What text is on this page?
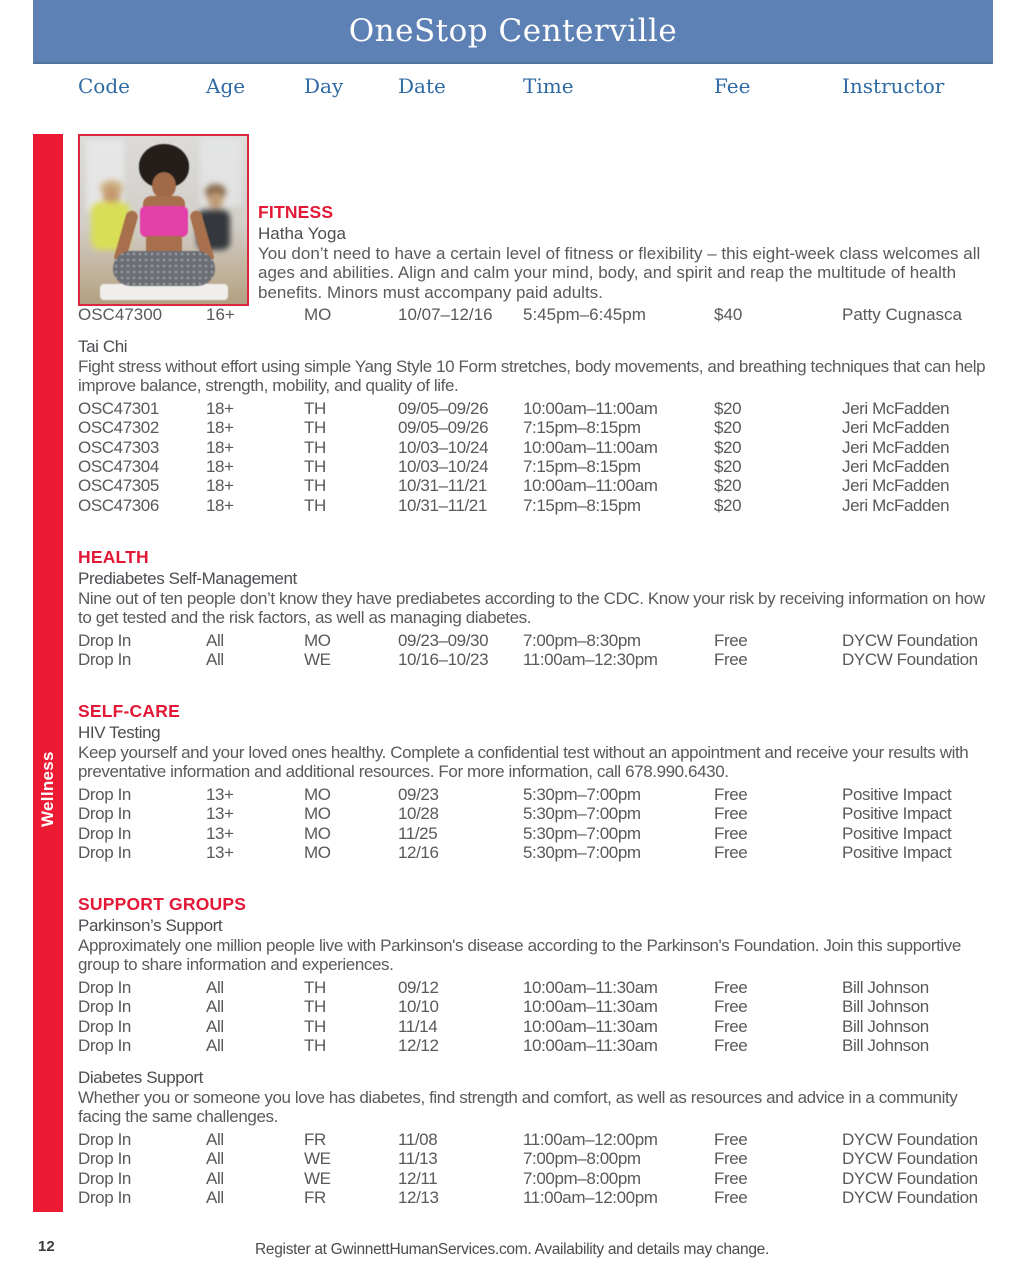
OneStop Centerville
Code	Age	Day	Date	Time	Fee	Instructor
Wellness
FITNESS
Hatha Yoga
You don’t need to have a certain level of fitness or flexibility – this eight-week class welcomes all ages and abilities. Align and calm your mind, body, and spirit and reap the multitude of health benefits. Minors must accompany paid adults.
OSC47300	16+	MO	10/07–12/16 5:45pm–6:45pm	$40	Patty Cugnasca
Tai Chi
Fight stress without effort using simple Yang Style 10 Form stretches, body movements, and breathing techniques that can help improve balance, strength, mobility, and quality of life.
OSC47301	18+	TH	09/05–09/26 10:00am–11:00am	$20	Jeri McFadden
OSC47302	18+	TH	09/05–09/26 7:15pm–8:15pm	$20	Jeri McFadden
OSC47303	18+	TH	10/03–10/24 10:00am–11:00am	$20	Jeri McFadden
OSC47304	18+	TH	10/03–10/24 7:15pm–8:15pm	$20	Jeri McFadden
OSC47305	18+	TH	10/31–11/21 10:00am–11:00am	$20	Jeri McFadden
OSC47306	18+	TH	10/31–11/21 7:15pm–8:15pm	$20	Jeri McFadden
HEALTH
Prediabetes Self-Management
Nine out of ten people don’t know they have prediabetes according to the CDC. Know your risk by receiving information on how to get tested and the risk factors, as well as managing diabetes.
Drop In	All	MO	09/23–09/30 7:00pm–8:30pm	Free	DYCW Foundation
Drop In	All	WE	10/16–10/23 11:00am–12:30pm	Free	DYCW Foundation
SELF-CARE
HIV Testing
Keep yourself and your loved ones healthy. Complete a confidential test without an appointment and receive your results with preventative information and additional resources. For more information, call 678.990.6430.
Drop In	13+	MO	09/23	5:30pm–7:00pm	Free	Positive Impact
Drop In	13+	MO	10/28	5:30pm–7:00pm	Free	Positive Impact
Drop In	13+	MO	11/25	5:30pm–7:00pm	Free	Positive Impact
Drop In	13+	MO	12/16	5:30pm–7:00pm	Free	Positive Impact
SUPPORT GROUPS
Parkinson’s Support
Approximately one million people live with Parkinson's disease according to the Parkinson's Foundation. Join this supportive group to share information and experiences.
Drop In	All	TH	09/12	10:00am–11:30am	Free	Bill Johnson
Drop In	All	TH	10/10	10:00am–11:30am	Free	Bill Johnson
Drop In	All	TH	11/14	10:00am–11:30am	Free	Bill Johnson
Drop In	All	TH	12/12	10:00am–11:30am	Free	Bill Johnson
Diabetes Support
Whether you or someone you love has diabetes, find strength and comfort, as well as resources and advice in a community facing the same challenges.
Drop In	All	FR	11/08	11:00am–12:00pm	Free	DYCW Foundation
Drop In	All	WE	11/13	7:00pm–8:00pm	Free	DYCW Foundation
Drop In	All	WE	12/11	7:00pm–8:00pm	Free	DYCW Foundation
Drop In	All	FR	12/13	11:00am–12:00pm	Free	DYCW Foundation
12	Register at GwinnettHumanServices.com. Availability and details may change.
